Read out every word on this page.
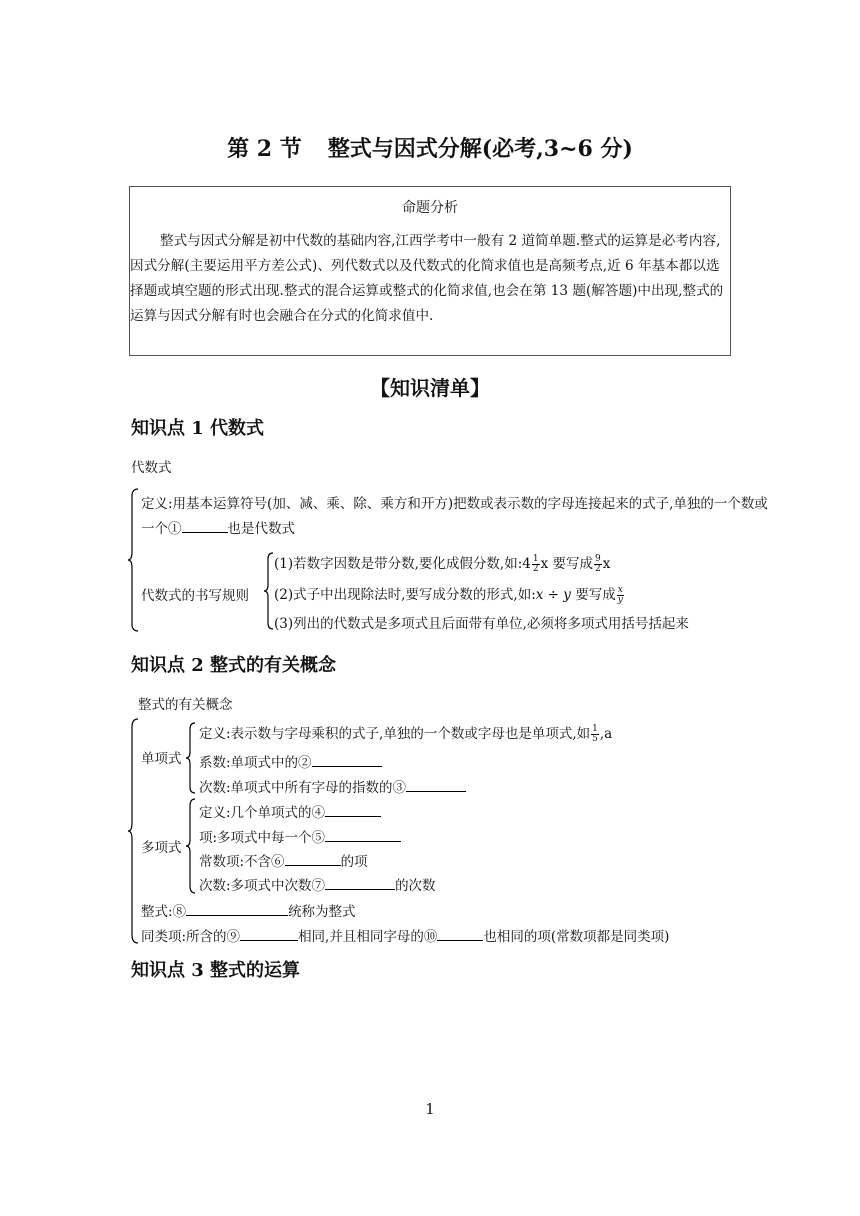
第 2 节 整式与因式分解(必考,3~6 分)
命题分析
整式与因式分解是初中代数的基础内容,江西学考中一般有 2 道简单题.整式的运算是必考内容,因式分解(主要运用平方差公式)、列代数式以及代数式的化简求值也是高频考点,近 6 年基本都以选择题或填空题的形式出现.整式的混合运算或整式的化简求值,也会在第 13 题(解答题)中出现,整式的运算与因式分解有时也会融合在分式的化简求值中.
【知识清单】
知识点 1 代数式
代数式
定义:用基本运算符号(加、减、乘、除、乘方和开方)把数或表示数的字母连接起来的式子,单独的一个数或
一个①	也是代数式
代数式的书写规则
(1)若数字因数是带分数,要化成假分数,如:4 $\frac{1}{2}$ x 要写成 $\frac{9}{2}$ x
(2)式子中出现除法时,要写成分数的形式,如:x ÷ y 要写成 $\frac{x}{y}$
(3)列出的代数式是多项式且后面带有单位,必须将多项式用括号括起来
知识点 2 整式的有关概念
整式的有关概念
单项式
定义:表示数与字母乘积的式子,单独的一个数或字母也是单项式,如 $\frac{1}{5} ,a$
系数:单项式中的②
次数:单项式中所有字母的指数的③
多项式
定义:几个单项式的④
项:多项式中每一个⑤
常数项:不含⑥	的项
次数:多项式中次数⑦	的次数
整式:⑧	统称为整式
同类项:所含的⑨	相同,并且相同字母的⑩	也相同的项(常数项都是同类项)
知识点 3 整式的运算
1
